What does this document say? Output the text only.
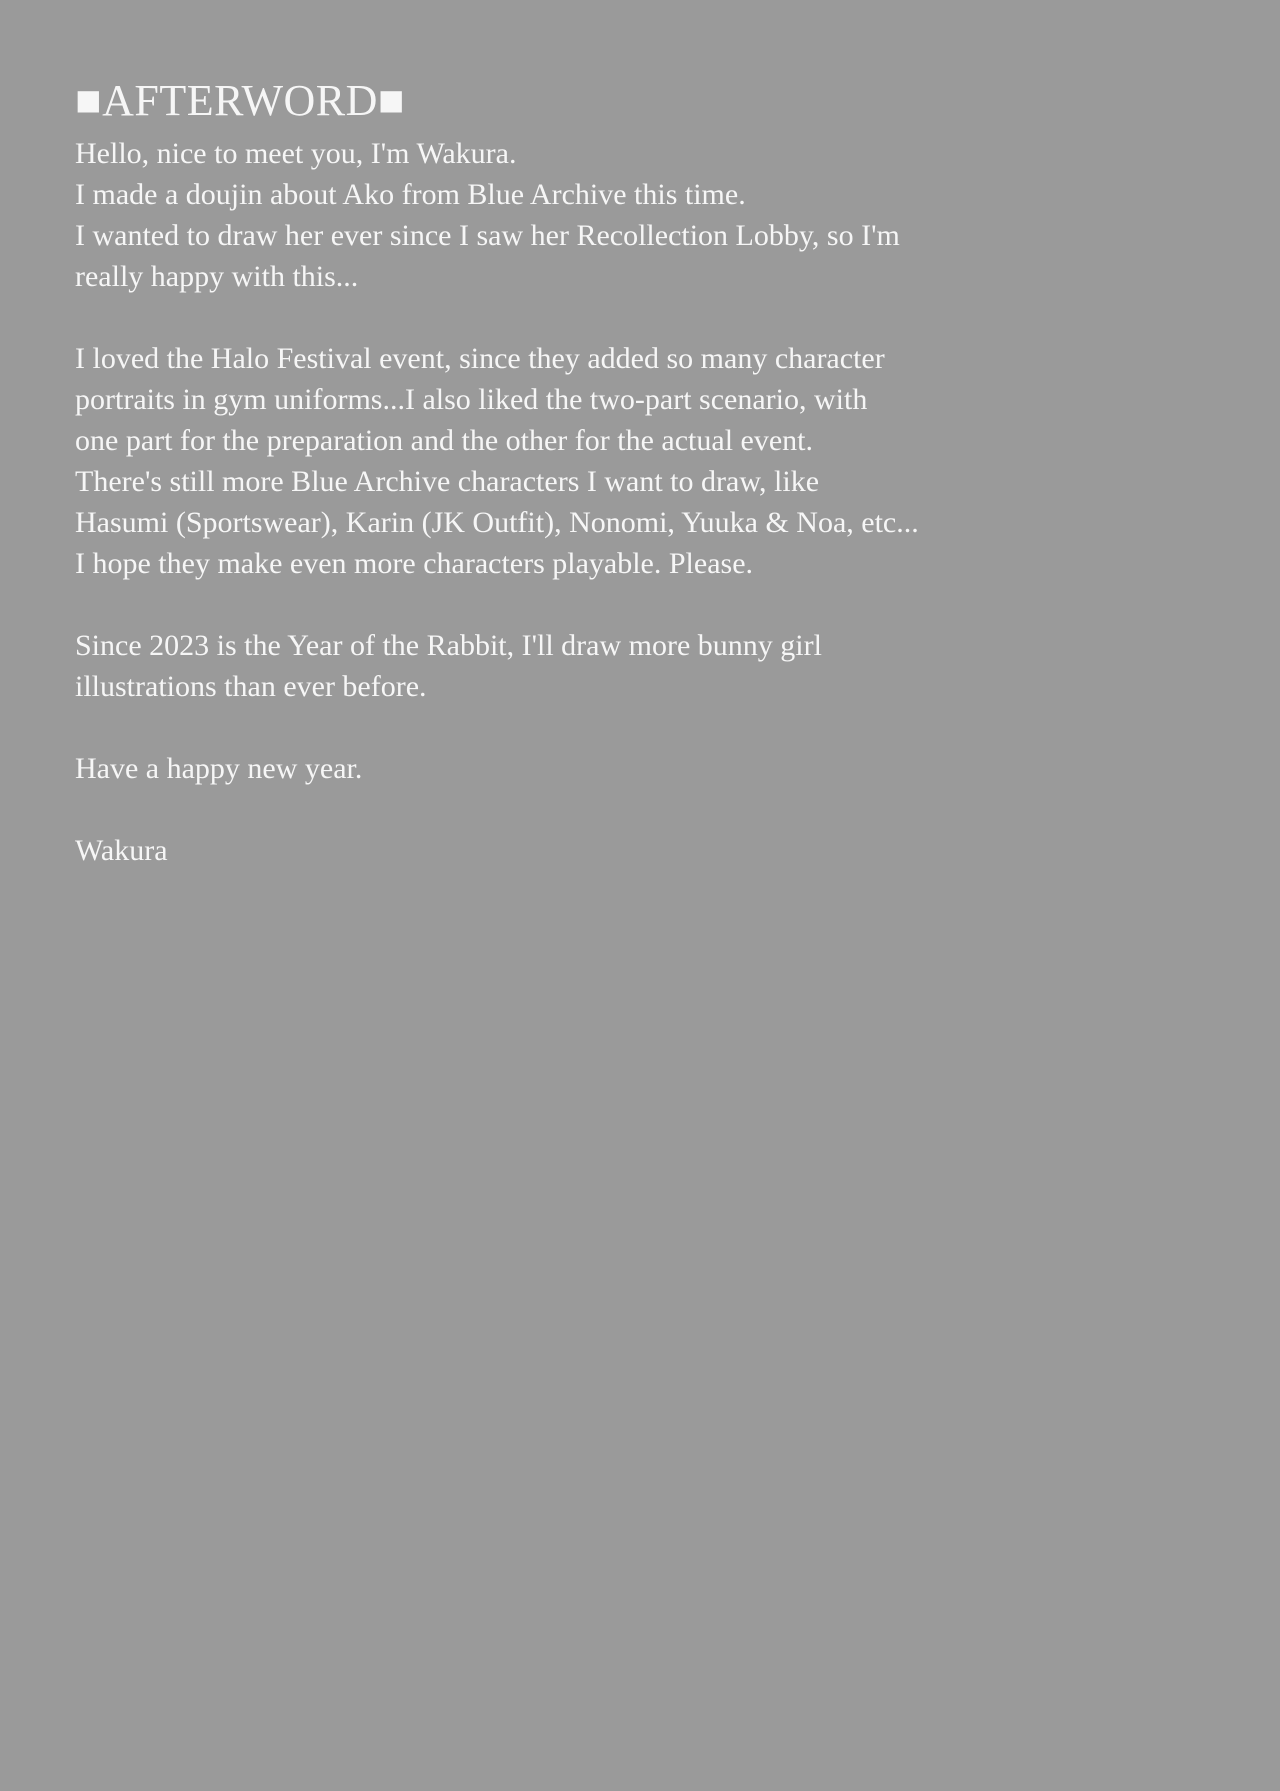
■AFTERWORD■
Hello, nice to meet you, I'm Wakura.
I made a doujin about Ako from Blue Archive this time.
I wanted to draw her ever since I saw her Recollection Lobby, so I'm
really happy with this...
I loved the Halo Festival event, since they added so many character
portraits in gym uniforms...I also liked the two-part scenario, with
one part for the preparation and the other for the actual event.
There's still more Blue Archive characters I want to draw, like
Hasumi (Sportswear), Karin (JK Outfit), Nonomi, Yuuka & Noa, etc...
I hope they make even more characters playable. Please.
Since 2023 is the Year of the Rabbit, I'll draw more bunny girl
illustrations than ever before.
Have a happy new year.
Wakura
